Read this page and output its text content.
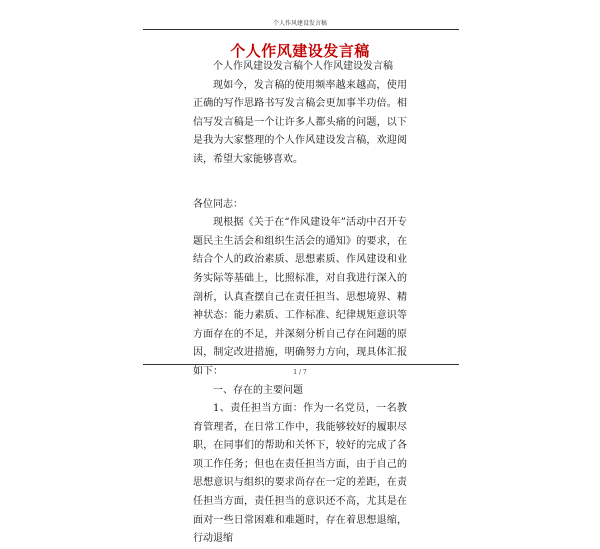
个人作风建设发言稿
个人作风建设发言稿

个人作风建设发言稿个人作风建设发言稿

现如今，发言稿的使用频率越来越高，使用正确的写作思路书写发言稿会更加事半功倍。相信写发言稿是一个让许多人都头痛的问题，以下是我为大家整理的个人作风建设发言稿，欢迎阅读，希望大家能够喜欢。

各位同志：

现根据《关于在“作风建设年”活动中召开专题民主生活会和组织生活会的通知》的要求，在结合个人的政治素质、思想素质、作风建设和业务实际等基础上，比照标准，对自我进行深入的剖析，认真查摆自己在责任担当、思想境界、精神状态：能力素质、工作标准、纪律规矩意识等方面存在的不足，并深刻分析自己存在问题的原因，制定改进措施，明确努力方向，现具体汇报如下：

一、存在的主要问题

1、责任担当方面：作为一名党员，一名教育管理者，在日常工作中，我能够较好的履职尽职，在同事们的帮助和关怀下，较好的完成了各项工作任务；但也在责任担当方面，由于自己的思想意识与组织的要求尚存在一定的差距，在责任担当方面，责任担当的意识还不高，尤其是在面对一些日常困难和难题时，存在着思想退缩，行动退缩

1 / 7
